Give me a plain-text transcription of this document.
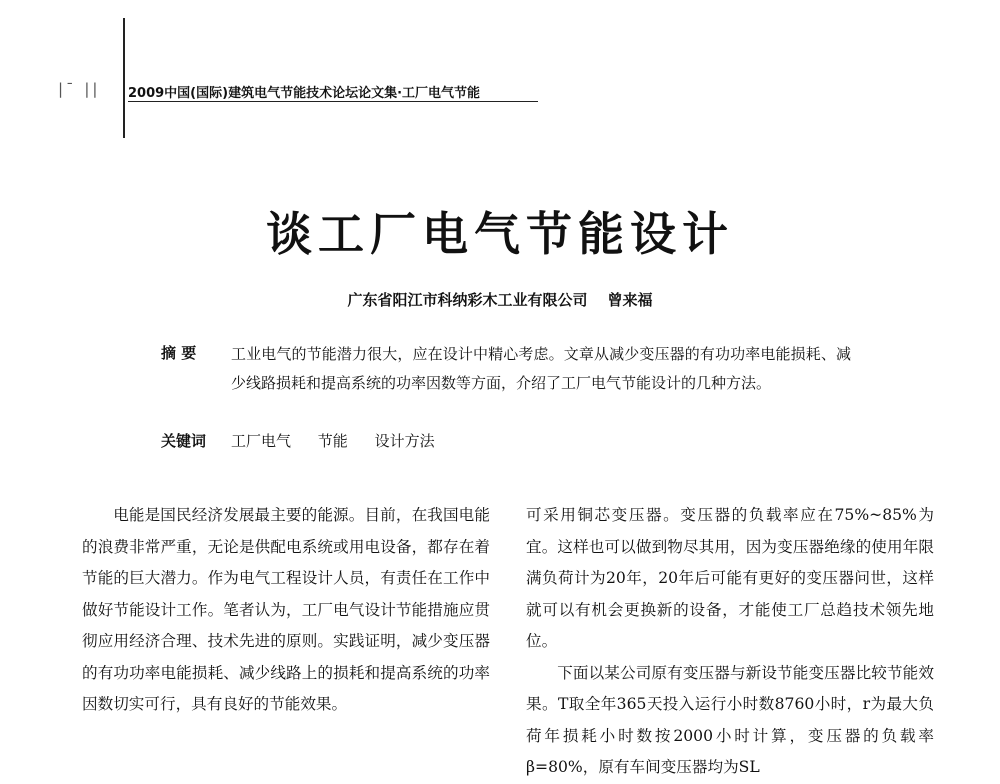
|¯ || 2009中国(国际)建筑电气节能技术论坛论文集·工厂电气节能
谈工厂电气节能设计
广东省阳江市科纳彩木工业有限公司 曾来福
摘 要 工业电气的节能潜力很大，应在设计中精心考虑。文章从减少变压器的有功功率电能损耗、减少线路损耗和提高系统的功率因数等方面，介绍了工厂电气节能设计的几种方法。
关键词 工厂电气 节能 设计方法

电能是国民经济发展最主要的能源。目前，在我国电能的浪费非常严重，无论是供配电系统或用电设备，都存在着节能的巨大潜力。作为电气工程设计人员，有责任在工作中做好节能设计工作。笔者认为，工厂电气设计节能措施应贯彻应用经济合理、技术先进的原则。实践证明，减少变压器的有功功率电能损耗、减少线路上的损耗和提高系统的功率因数切实可行，具有良好的节能效果。

可采用铜芯变压器。变压器的负载率应在75%~85%为宜。这样也可以做到物尽其用，因为变压器绝缘的使用年限满负荷计为20年，20年后可能有更好的变压器问世，这样就可以有机会更换新的设备，才能使工厂总趋技术领先地位。

下面以某公司原有变压器与新设节能变压器比较节能效果。T取全年365天投入运行小时数8760小时，r为最大负荷年损耗小时数按2000小时计算，变压器的负载率β=80%，原有车间变压器均为SL
